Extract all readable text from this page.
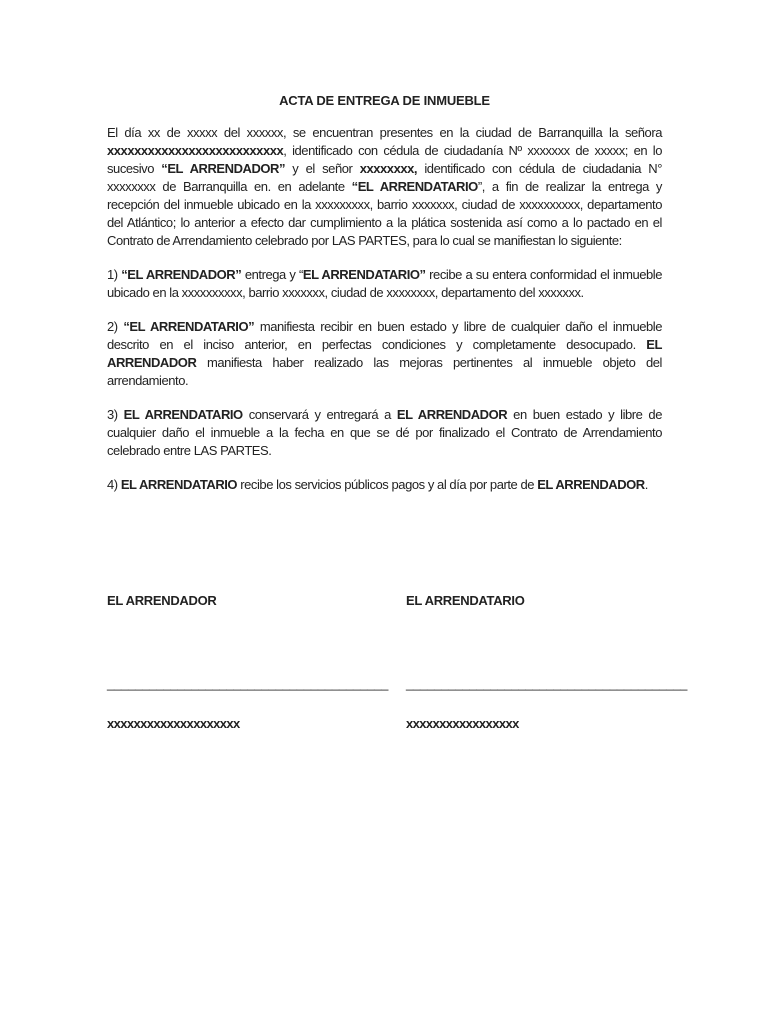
ACTA DE ENTREGA DE INMUEBLE

El día xx de xxxxx del xxxxxx, se encuentran presentes en la ciudad de Barranquilla la señora xxxxxxxxxxxxxxxxxxxxxxxxxx, identificado con cédula de ciudadanía Nº xxxxxxx de xxxxx; en lo sucesivo “EL ARRENDADOR” y el señor xxxxxxxx, identificado con cédula de ciudadania N° xxxxxxxx de Barranquilla en. en adelante “EL ARRENDATARIO”, a fin de realizar la entrega y recepción del inmueble ubicado en la xxxxxxxxx, barrio xxxxxxx, ciudad de xxxxxxxxxx, departamento del Atlántico; lo anterior a efecto dar cumplimiento a la plática sostenida así como a lo pactado en el Contrato de Arrendamiento celebrado por LAS PARTES, para lo cual se manifiestan lo siguiente:

1) “EL ARRENDADOR” entrega y “EL ARRENDATARIO” recibe a su entera conformidad el inmueble ubicado en la xxxxxxxxxx, barrio xxxxxxx, ciudad de xxxxxxxx, departamento del xxxxxxx.

2) “EL ARRENDATARIO” manifiesta recibir en buen estado y libre de cualquier daño el inmueble descrito en el inciso anterior, en perfectas condiciones y completamente desocupado. EL ARRENDADOR manifiesta haber realizado las mejoras pertinentes al inmueble objeto del arrendamiento.

3) EL ARRENDATARIO conservará y entregará a EL ARRENDADOR en buen estado y libre de cualquier daño el inmueble a la fecha en que se dé por finalizado el Contrato de Arrendamiento celebrado entre LAS PARTES.

4) EL ARRENDATARIO recibe los servicios públicos pagos y al día por parte de EL ARRENDADOR.

EL ARRENDADOR
________________________________________
xxxxxxxxxxxxxxxxxxxx
EL ARRENDATARIO
________________________________________
xxxxxxxxxxxxxxxxx
